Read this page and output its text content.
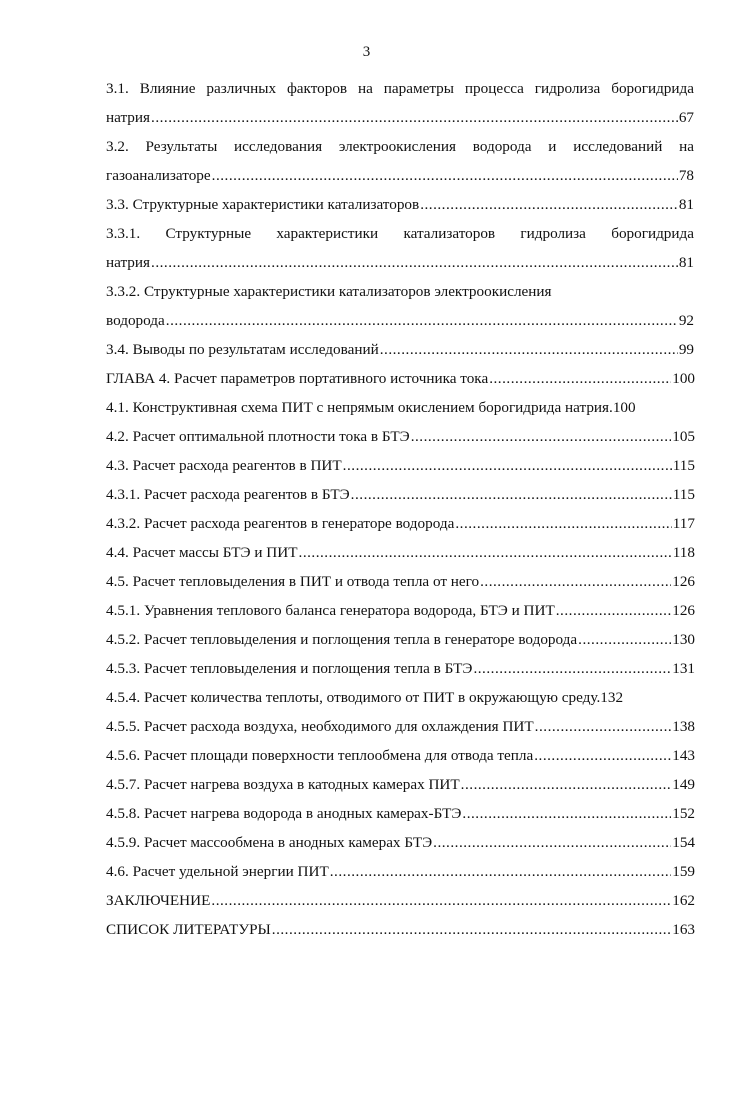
3
3.1. Влияние различных факторов на параметры процесса гидролиза борогидрида
натрия .....	67
3.2. Результаты исследования электроокисления водорода и исследований на
газоанализаторе .....	78
3.3. Структурные характеристики катализаторов .....	81
3.3.1. Структурные характеристики катализаторов гидролиза борогидрида
натрия .....	81
3.3.2. Структурные характеристики катализаторов электроокисления
водорода .....	92
3.4. Выводы по результатам исследований .....	99
ГЛАВА 4. Расчет параметров портативного источника тока .....	100
4.1. Конструктивная схема ПИТ с непрямым окислением борогидрида натрия. 100
4.2. Расчет оптимальной плотности тока в БТЭ .....	105
4.3. Расчет расхода реагентов в ПИТ .....	115
4.3.1. Расчет расхода реагентов в БТЭ .....	115
4.3.2. Расчет расхода реагентов в генераторе водорода .....	117
4.4. Расчет массы БТЭ и ПИТ .....	118
4.5. Расчет тепловыделения в ПИТ и отвода тепла от него .....	126
4.5.1. Уравнения теплового баланса генератора водорода, БТЭ и ПИТ .....	126
4.5.2. Расчет тепловыделения и поглощения тепла в генераторе водорода .....	130
4.5.3. Расчет тепловыделения и поглощения тепла в БТЭ .....	131
4.5.4. Расчет количества теплоты, отводимого от ПИТ в окружающую среду. 132
4.5.5. Расчет расхода воздуха, необходимого для охлаждения ПИТ .....	138
4.5.6. Расчет площади поверхности теплообмена для отвода тепла .....	143
4.5.7. Расчет нагрева воздуха в катодных камерах ПИТ .....	149
4.5.8. Расчет нагрева водорода в анодных камерах-БТЭ .....	152
4.5.9. Расчет массообмена в анодных камерах БТЭ .....	154
4.6. Расчет удельной энергии ПИТ .....	159
ЗАКЛЮЧЕНИЕ .....	162
СПИСОК ЛИТЕРАТУРЫ .....	163
